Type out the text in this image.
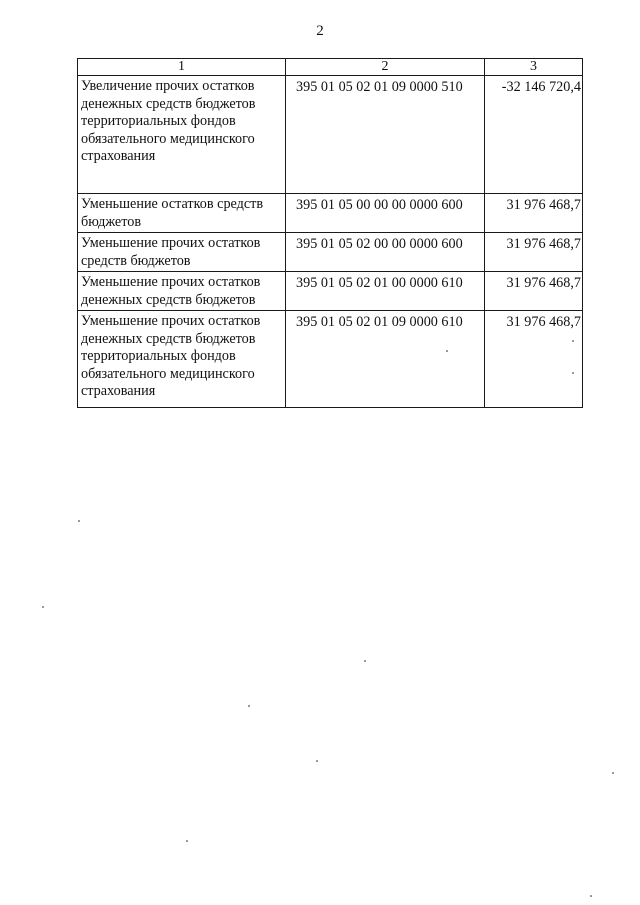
2
1	2	3
Увеличение прочих остатков денежных средств бюджетов территориальных фондов обязательного медицинского страхования	395 01 05 02 01 09 0000 510	-32 146 720,4
Уменьшение остатков средств бюджетов	395 01 05 00 00 00 0000 600	31 976 468,7
Уменьшение прочих остатков средств бюджетов	395 01 05 02 00 00 0000 600	31 976 468,7
Уменьшение прочих остатков денежных средств бюджетов	395 01 05 02 01 00 0000 610	31 976 468,7
Уменьшение прочих остатков денежных средств бюджетов территориальных фондов обязательного медицинского страхования	395 01 05 02 01 09 0000 610	31 976 468,7
